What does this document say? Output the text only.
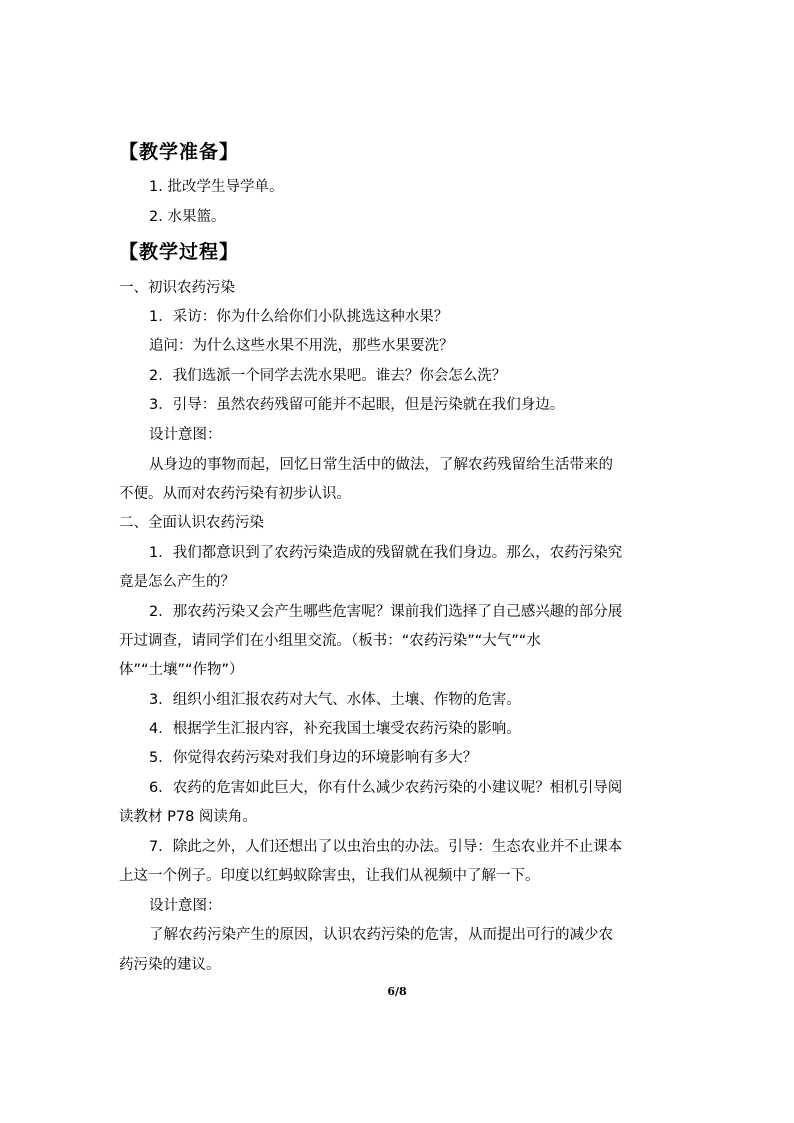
【教学准备】
1. 批改学生导学单。
2. 水果篮。
【教学过程】
一、初识农药污染
1．采访：你为什么给你们小队挑选这种水果？
追问：为什么这些水果不用洗，那些水果要洗？
2．我们选派一个同学去洗水果吧。谁去？你会怎么洗？
3．引导：虽然农药残留可能并不起眼，但是污染就在我们身边。
设计意图：
从身边的事物而起，回忆日常生活中的做法，了解农药残留给生活带来的
不便。从而对农药污染有初步认识。
二、全面认识农药污染
1．我们都意识到了农药污染造成的残留就在我们身边。那么，农药污染究
竟是怎么产生的？
2．那农药污染又会产生哪些危害呢？课前我们选择了自己感兴趣的部分展
开过调查，请同学们在小组里交流。（板书：“农药污染”“大气”“水
体”“土壤”“作物”）
3．组织小组汇报农药对大气、水体、土壤、作物的危害。
4．根据学生汇报内容，补充我国土壤受农药污染的影响。
5．你觉得农药污染对我们身边的环境影响有多大？
6．农药的危害如此巨大，你有什么减少农药污染的小建议呢？相机引导阅
读教材 P78 阅读角。
7．除此之外，人们还想出了以虫治虫的办法。引导：生态农业并不止课本
上这一个例子。印度以红蚂蚁除害虫，让我们从视频中了解一下。
设计意图：
了解农药污染产生的原因，认识农药污染的危害，从而提出可行的减少农
药污染的建议。
6/8
